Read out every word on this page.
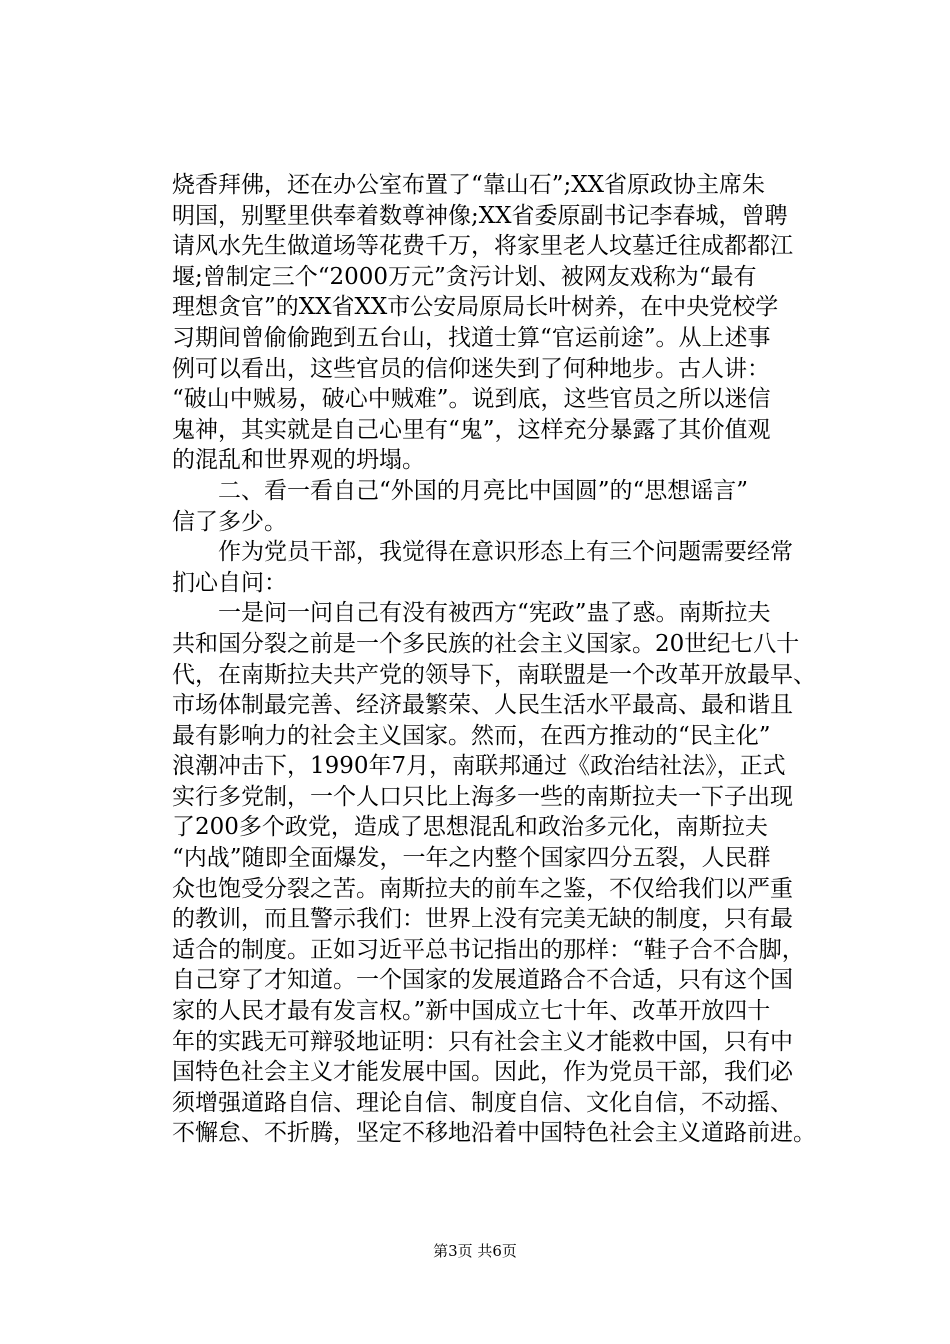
烧香拜佛，还在办公室布置了“靠山石”;XX省原政协主席朱
明国，别墅里供奉着数尊神像;XX省委原副书记李春城，曾聘
请风水先生做道场等花费千万，将家里老人坟墓迁往成都都江
堰;曾制定三个“2000万元”贪污计划、被网友戏称为“最有
理想贪官”的XX省XX市公安局原局长叶树养，在中央党校学
习期间曾偷偷跑到五台山，找道士算“官运前途”。从上述事
例可以看出，这些官员的信仰迷失到了何种地步。古人讲：
“破山中贼易，破心中贼难”。说到底，这些官员之所以迷信
鬼神，其实就是自己心里有“鬼”，这样充分暴露了其价值观
的混乱和世界观的坍塌。
　　二、看一看自己“外国的月亮比中国圆”的“思想谣言”
信了多少。
　　作为党员干部，我觉得在意识形态上有三个问题需要经常
扪心自问：
　　一是问一问自己有没有被西方“宪政”蛊了惑。南斯拉夫
共和国分裂之前是一个多民族的社会主义国家。20世纪七八十
代，在南斯拉夫共产党的领导下，南联盟是一个改革开放最早、
市场体制最完善、经济最繁荣、人民生活水平最高、最和谐且
最有影响力的社会主义国家。然而，在西方推动的“民主化”
浪潮冲击下，1990年7月，南联邦通过《政治结社法》，正式
实行多党制，一个人口只比上海多一些的南斯拉夫一下子出现
了200多个政党，造成了思想混乱和政治多元化，南斯拉夫
“内战”随即全面爆发，一年之内整个国家四分五裂，人民群
众也饱受分裂之苦。南斯拉夫的前车之鉴，不仅给我们以严重
的教训，而且警示我们：世界上没有完美无缺的制度，只有最
适合的制度。正如习近平总书记指出的那样：“鞋子合不合脚，
自己穿了才知道。一个国家的发展道路合不合适，只有这个国
家的人民才最有发言权。”新中国成立七十年、改革开放四十
年的实践无可辩驳地证明：只有社会主义才能救中国，只有中
国特色社会主义才能发展中国。因此，作为党员干部，我们必
须增强道路自信、理论自信、制度自信、文化自信，不动摇、
不懈怠、不折腾，坚定不移地沿着中国特色社会主义道路前进。
第3页 共6页
